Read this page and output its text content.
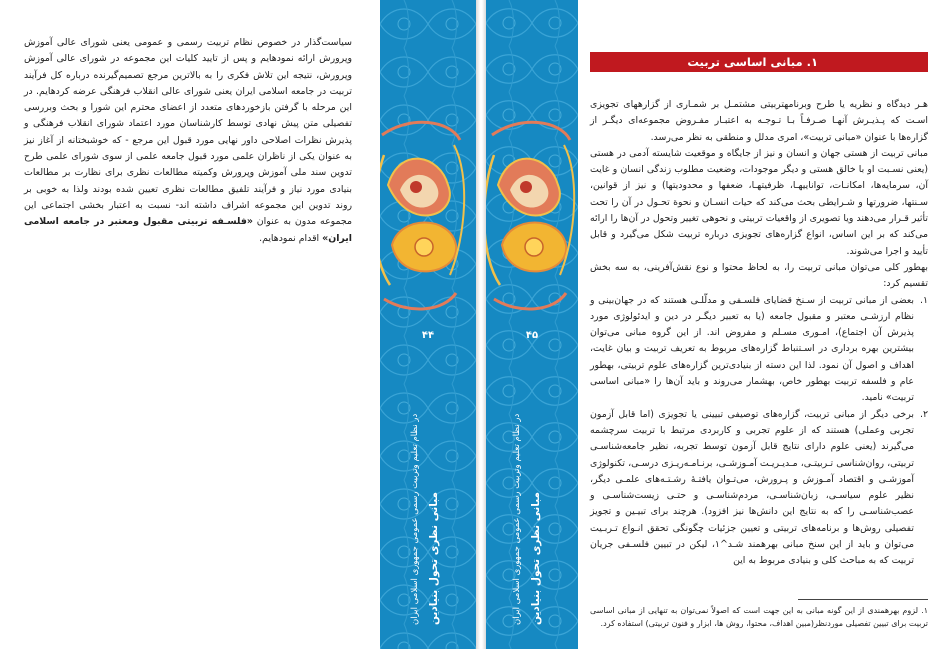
سیاست‌گذار در خصوص نظام تربیت رسمی و عمومی یعنی شورای عالی آموزش وپرورش ارائه نمودهایم و پس از تایید کلیات این مجموعه در شورای عالی آموزش وپرورش، نتیجه این تلاش فکری را به بالاترین مرجع تصمیم‌گیرنده درباره کل فرآیند تربیت در جامعه اسلامی ایران یعنی شورای عالی انقلاب فرهنگی عرضه کردهایم. در این مرحله با گرفتن بازخوردهای متعدد از اعضای محترم این شورا و بحث وبررسی تفصیلی متن پیش نهادی توسط کارشناسان مورد اعتماد شورای انقلاب فرهنگی و پذیرش نظرات اصلاحی داور نهایی مورد قبول این مرجع - که خوشبختانه از آغاز نیز به عنوان یکی از ناظران علمی مورد قبول جامعه علمی از سوی شورای علمی طرح تدوین سند ملی آموزش وپرورش وکمیته مطالعات نظری برای نظارت بر مطالعات بنیادی مورد نیاز و فرآیند تلفیق مطالعات نظری تعیین شده بودند ولذا به خوبی بر روند تدوین این مجموعه اشراف داشته اند- نسبت به اعتبار بخشی اجتماعی این مجموعه مدون به عنوان «فلسـفه تربیتی مقبول ومعتبر در جامعه اسلامی ایران» اقدام نمودهایم.
۴۴
مبانی نظری تحول بنیادین
در نظام تعلیم وتربیت رسمی عمومی جمهوری اسلامی ایران
۴۵
مبانی نظری تحول بنیادین
در نظام تعلیم وتربیت رسمی عمومی جمهوری اسلامی ایران
۱. مبانی اساسی تربیت

هـر دیدگاه و نظریه یا طرح وبرنامهتربیتی مشتمـل بر شمـاری از گزارههای تجویزی اسـت که پـذیـرش آنهـا صـرفـاً بـا تـوجـه به اعتبـار مفـروض مجموعه‌ای دیگـر از گزاره‌ها با عنوان «مبانی تربیت»، امری مدلل و منطقی به نظر می‌رسد.

مبانی تربیت از هستی جهان و انسان و نیز از جایگاه و موقعیت شایسته آدمی در هستی (یعنی نسـبت او با خالق هستی و دیگر موجودات، وضعیت مطلوب زندگی انسان و غایت آن، سرمایه‌ها، امکانـات، تواناییهـا، ظرفیتهـا، ضعفها و محدودیتها) و نیز از قوانین، سـنتها، ضرورتها و شـرایطی بحث می‌کند که حیات انسـان و نحوة تحـول در آن را تحت تأثیر قـرار می‌دهند ویا تصویری از واقعیات تربیتی و نحوهی تغییر وتحول در آن‌ها را ارائه می‌کند که بر این اساس، انواع گزاره‌های تجویزی درباره تربیت شکل می‌گیرد و قابل تأیید و اجرا می‌شوند.

بهطور کلی می‌توان مبانی تربیت را، به لحاظ محتوا و نوع نقش‌آفرینی، به سه بخش تقسیم کرد:

۱.
بعضی از مبانی تربیت از سـنخ قضایای فلسـفی و مدلّلـی هستند که در جهان‌بینی و نظام ارزشـی معتبر و مقبول جامعه (یا به تعبیر دیگـر در دین و ایدئولوژی مورد پذیرش آن اجتماع)، امـوری مسـلم و مفروض اند. از این گروه مبانی می‌توان بیشترین بهره برداری در اسـتنباط گزاره‌های مربوط به تعریف تربیت و بیان غایت، اهداف و اصول آن نمود. لذا این دسته از بنیادی‌ترین گزاره‌های علوم تربیتی، بهطور عام و فلسفه تربیت بهطور خاص، بهشمار می‌روند و باید آن‌ها را «مبانی اساسی تربیت» نامید.
۲.
برخی دیگر از مبانی تربیت، گزاره‌های توصیفی تبیینی یا تجویزی (اما قابل آزمون تجربی وعملی) هستند که از علوم تجربی و کاربردی مرتبط با تربیت سرچشمه می‌گیرند (یعنی علوم دارای نتایج قابل آزمون توسط تجربه، نظیر جامعه‌شناسـی تربیتی، روان‌شناسی تـربیتـی، مـدیـریـت آمـوزشـی، برنـامـه‌ریـزی درسـی، تکنولوژی آموزشـی و اقتصاد آمـوزش و پـرورش، می‌تـوان یافتـهٔ رشـتـه‌های علمـی دیگر، نظیر علوم سیاسـی، زبان‌شناسـی، مردم‌شناسـی و حتـی زیست‌شناسـی و عصب‌شناسـی را که به نتایج این دانش‌ها نیز افزود). هرچند برای تبیـین و تجویز تفصیلی روش‌ها و برنامه‌های تربیتی و تعیین جزئیات چگونگی تحقق انـواع تـربـیت می‌توان و باید از این سنخ مبانی بهرهمند شـد^۱، لیکن در تبیین فلسـفی جریان تربیت که به مباحث کلی و بنیادی مربوط به این
۱. لزوم بهرهمندی از این گونه مبانی به این جهت است که اصولاً نمی‌توان به تنهایی از مبانی اساسی تربیت برای تبیین تفصیلی موردنظر(مبین اهداف، محتوا، روش ها، ابزار و فنون تربیتی) استفاده کرد.
